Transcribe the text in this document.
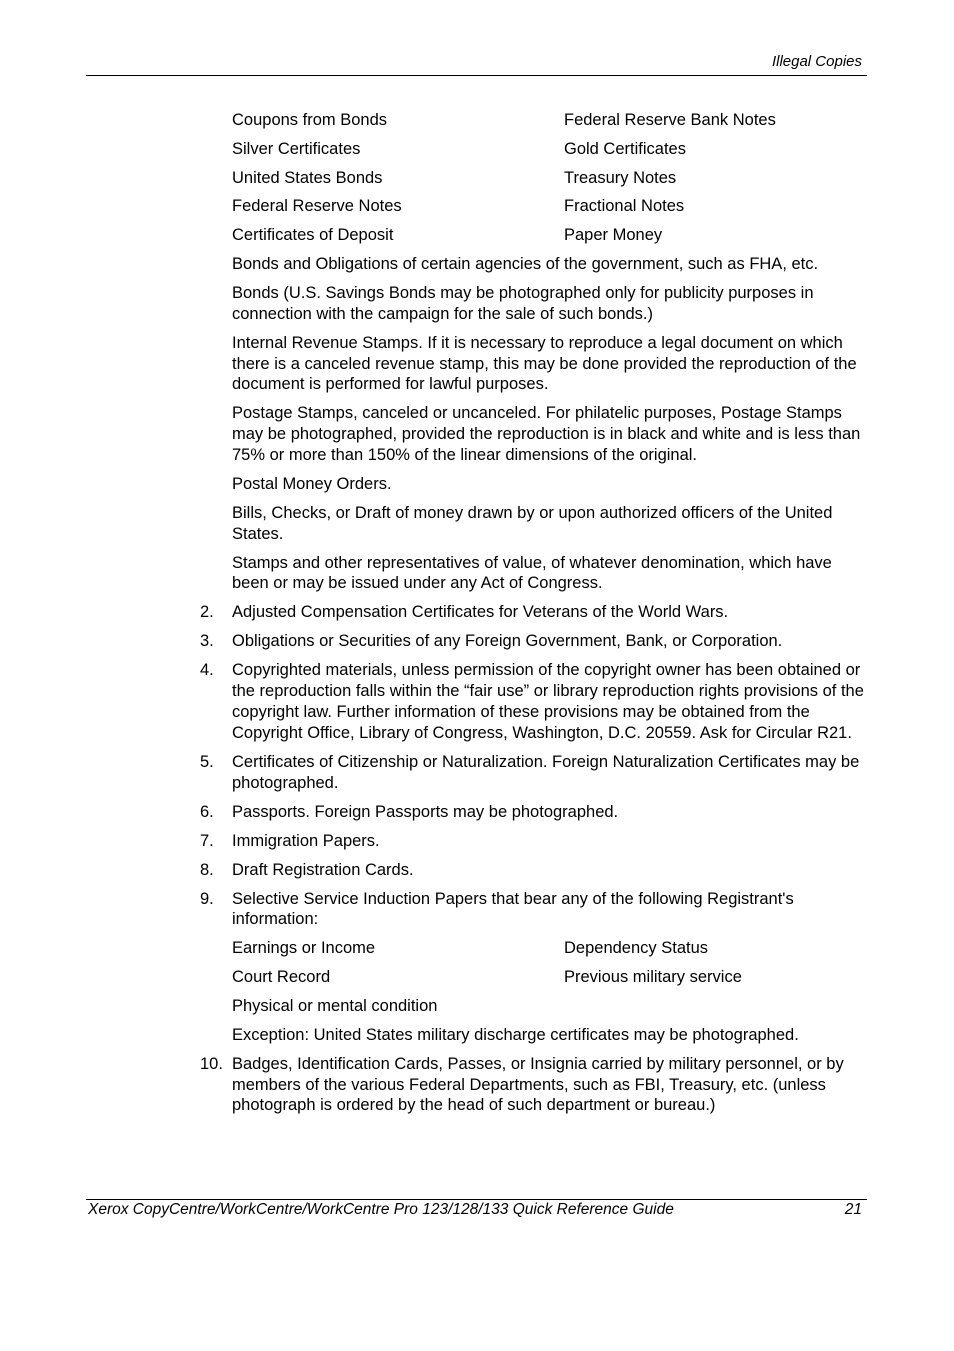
Illegal Copies
Coupons from Bonds	Federal Reserve Bank Notes
Silver Certificates	Gold Certificates
United States Bonds	Treasury Notes
Federal Reserve Notes	Fractional Notes
Certificates of Deposit	Paper Money

Bonds and Obligations of certain agencies of the government, such as FHA, etc.

Bonds (U.S. Savings Bonds may be photographed only for publicity purposes in connection with the campaign for the sale of such bonds.)

Internal Revenue Stamps. If it is necessary to reproduce a legal document on which there is a canceled revenue stamp, this may be done provided the reproduction of the document is performed for lawful purposes.

Postage Stamps, canceled or uncanceled. For philatelic purposes, Postage Stamps may be photographed, provided the reproduction is in black and white and is less than 75% or more than 150% of the linear dimensions of the original.

Postal Money Orders.

Bills, Checks, or Draft of money drawn by or upon authorized officers of the United States.

Stamps and other representatives of value, of whatever denomination, which have been or may be issued under any Act of Congress.

2.	Adjusted Compensation Certificates for Veterans of the World Wars.
3.	Obligations or Securities of any Foreign Government, Bank, or Corporation.
4.	Copyrighted materials, unless permission of the copyright owner has been obtained or the reproduction falls within the “fair use” or library reproduction rights provisions of the copyright law. Further information of these provisions may be obtained from the Copyright Office, Library of Congress, Washington, D.C. 20559. Ask for Circular R21.
5.	Certificates of Citizenship or Naturalization. Foreign Naturalization Certificates may be photographed.
6.	Passports. Foreign Passports may be photographed.
7.	Immigration Papers.
8.	Draft Registration Cards.
9.	Selective Service Induction Papers that bear any of the following Registrant's information:
Earnings or Income	Dependency Status
Court Record	Previous military service

Physical or mental condition

Exception: United States military discharge certificates may be photographed.

10. Badges, Identification Cards, Passes, or Insignia carried by military personnel, or by members of the various Federal Departments, such as FBI, Treasury, etc. (unless photograph is ordered by the head of such department or bureau.)
Xerox CopyCentre/WorkCentre/WorkCentre Pro 123/128/133 Quick Reference Guide	21
